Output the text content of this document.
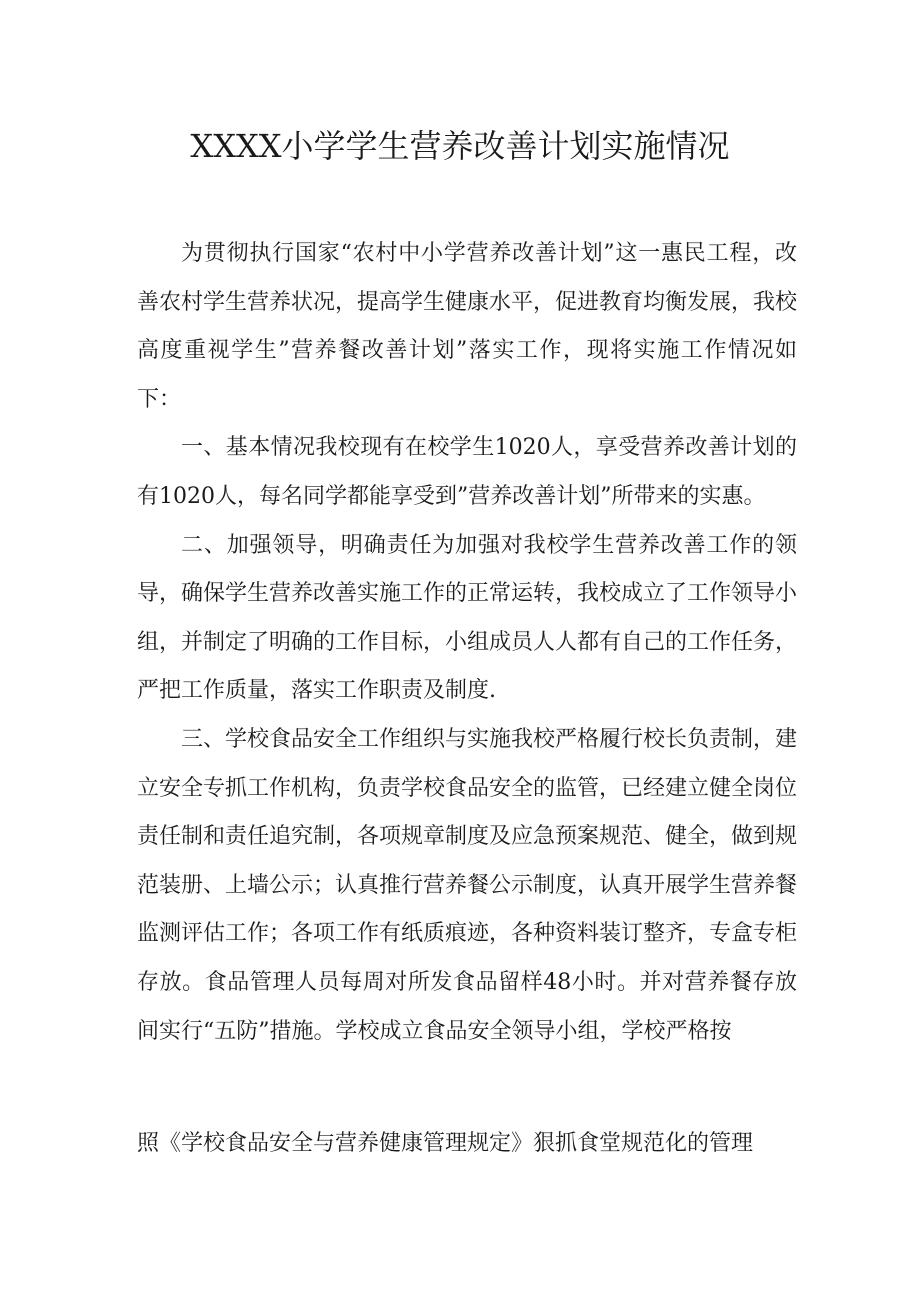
XXXX小学学生营养改善计划实施情况

为贯彻执行国家“农村中小学营养改善计划”这一惠民工程，改善农村学生营养状况，提高学生健康水平，促进教育均衡发展，我校高度重视学生”营养餐改善计划”落实工作，现将实施工作情况如下：

一、基本情况我校现有在校学生1020人，享受营养改善计划的有1020人，每名同学都能享受到”营养改善计划”所带来的实惠。

二、加强领导，明确责任为加强对我校学生营养改善工作的领导，确保学生营养改善实施工作的正常运转，我校成立了工作领导小组，并制定了明确的工作目标，小组成员人人都有自己的工作任务，严把工作质量，落实工作职责及制度.

三、学校食品安全工作组织与实施我校严格履行校长负责制，建立安全专抓工作机构，负责学校食品安全的监管，已经建立健全岗位责任制和责任追究制，各项规章制度及应急预案规范、健全，做到规范装册、上墙公示；认真推行营养餐公示制度，认真开展学生营养餐监测评估工作；各项工作有纸质痕迹，各种资料装订整齐，专盒专柜存放。食品管理人员每周对所发食品留样48小时。并对营养餐存放间实行“五防”措施。学校成立食品安全领导小组，学校严格按

照《学校食品安全与营养健康管理规定》狠抓食堂规范化的管理
